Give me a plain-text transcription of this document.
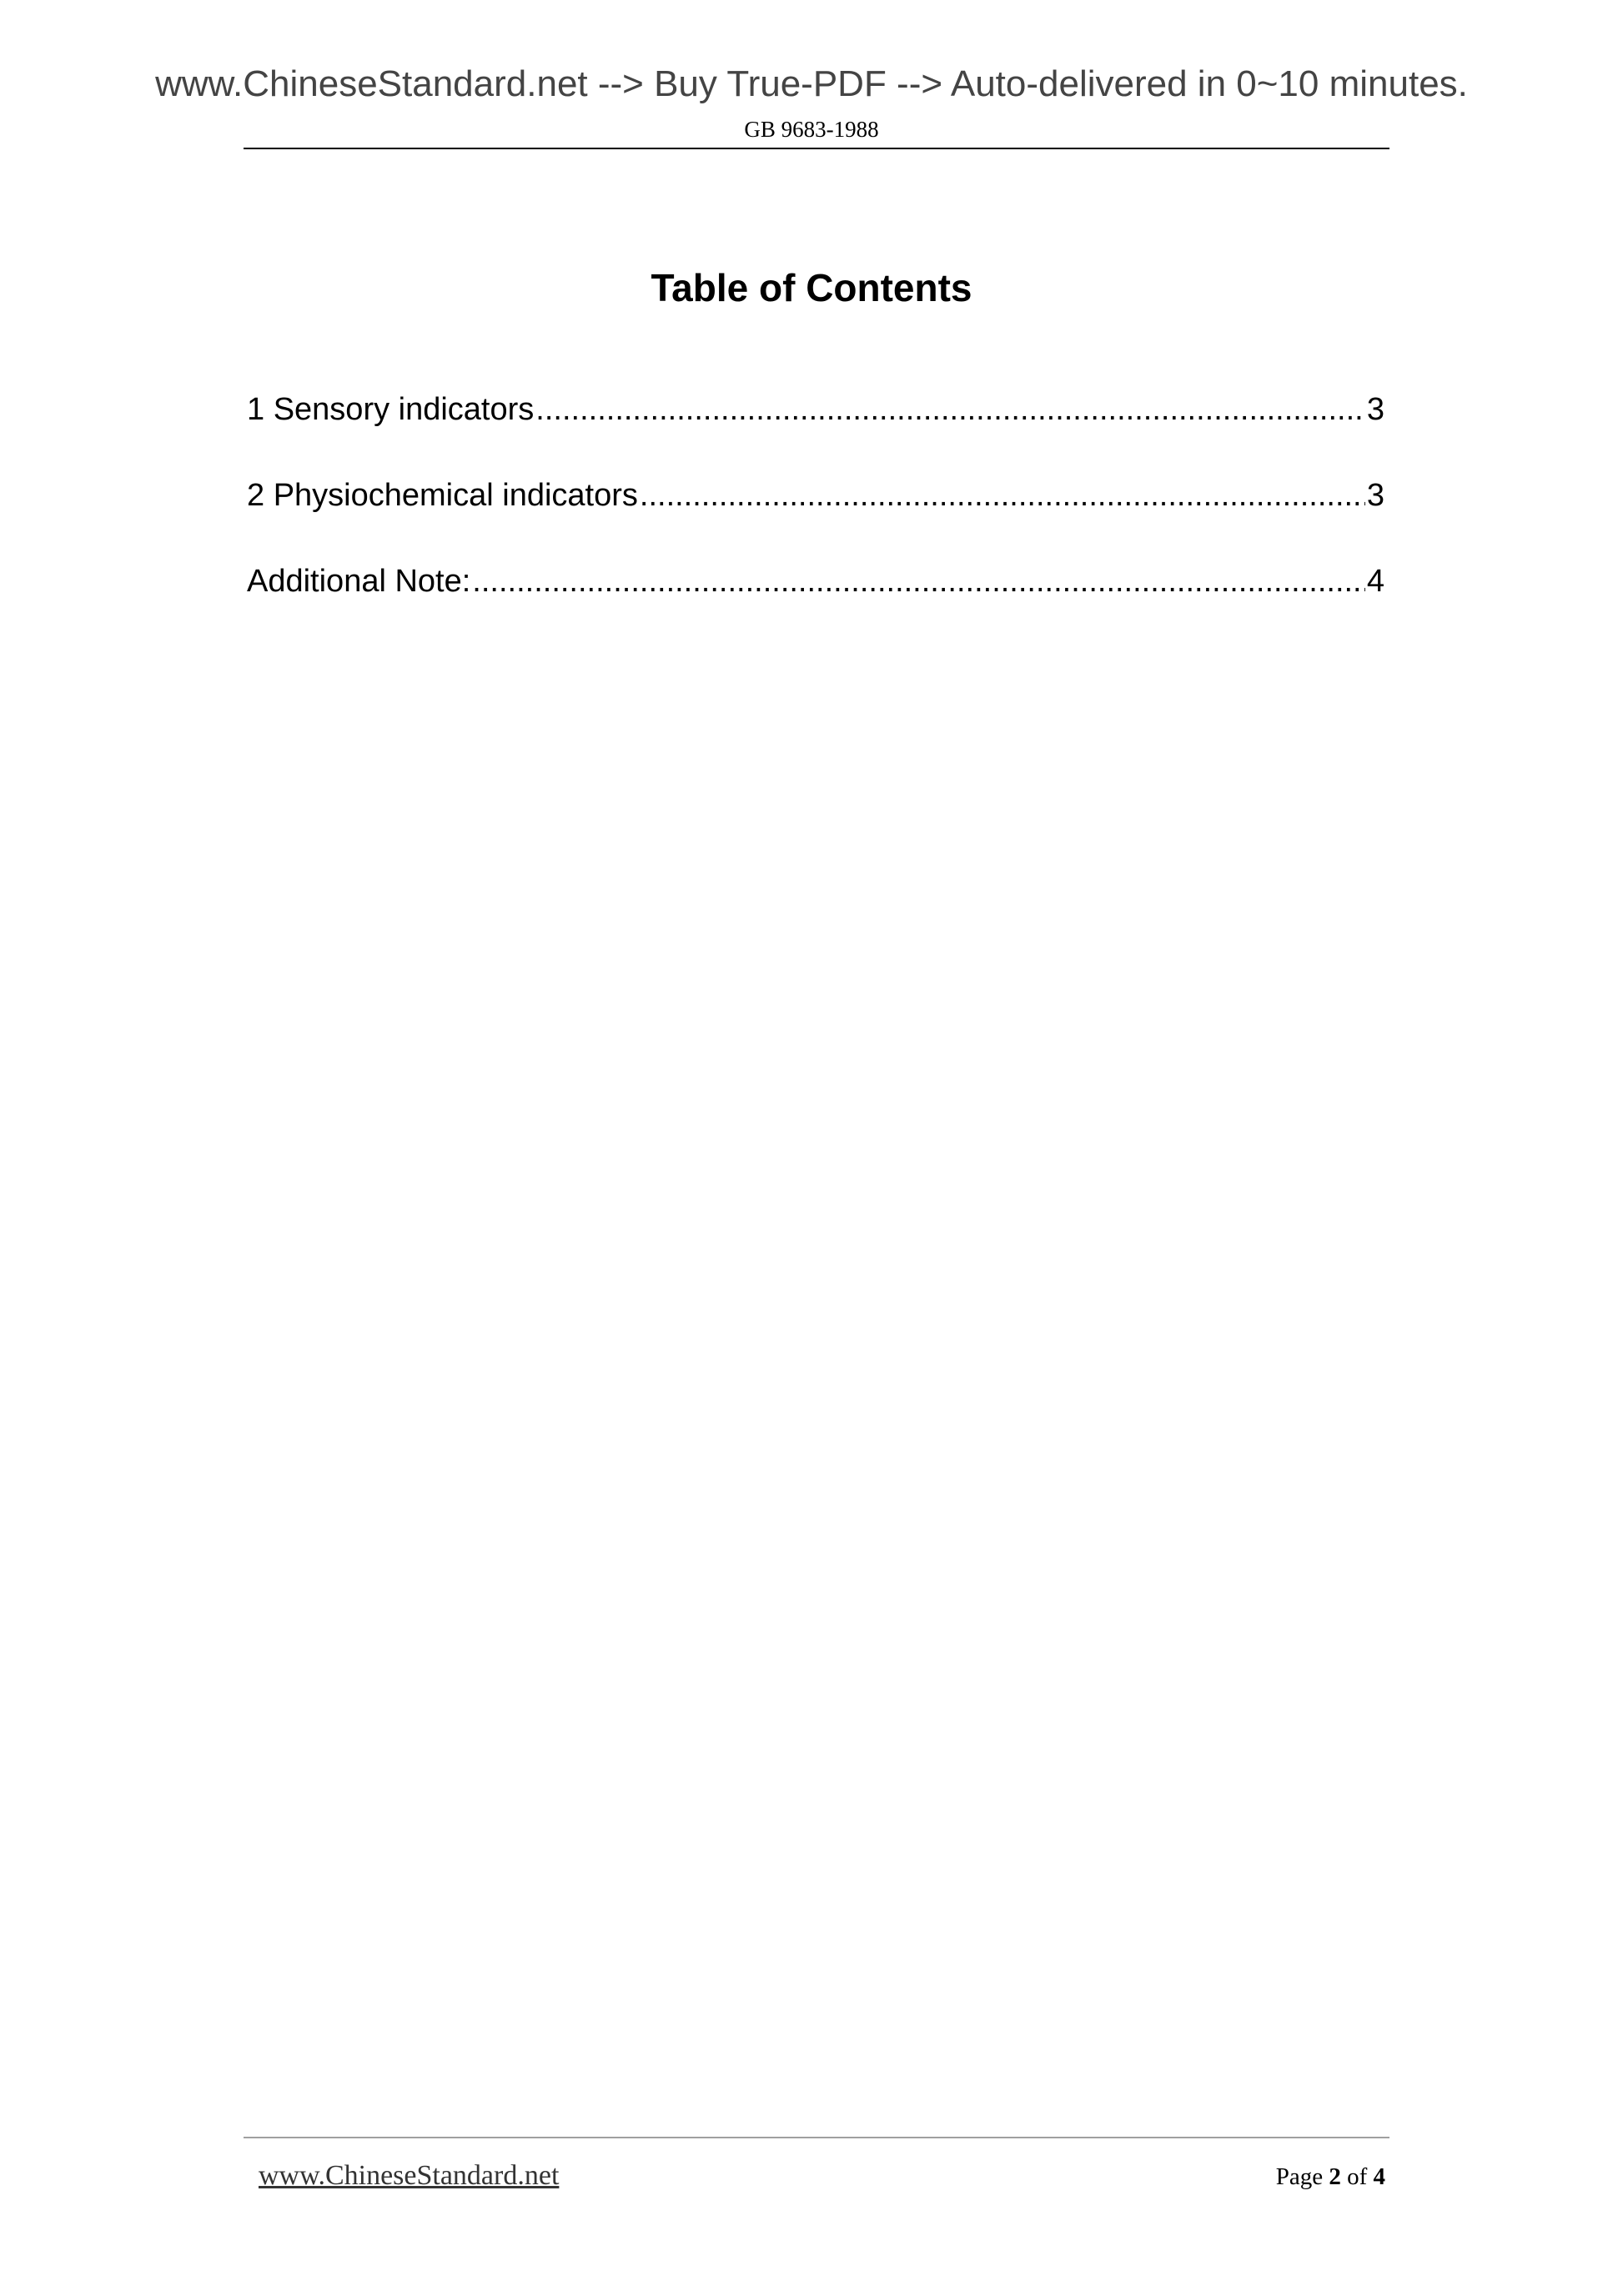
www.ChineseStandard.net --> Buy True-PDF --> Auto-delivered in 0~10 minutes.
GB 9683-1988
Table of Contents
1 Sensory indicators .....	3
2 Physiochemical indicators .....	3
Additional Note: .....	4
www.ChineseStandard.net	Page 2 of 4
